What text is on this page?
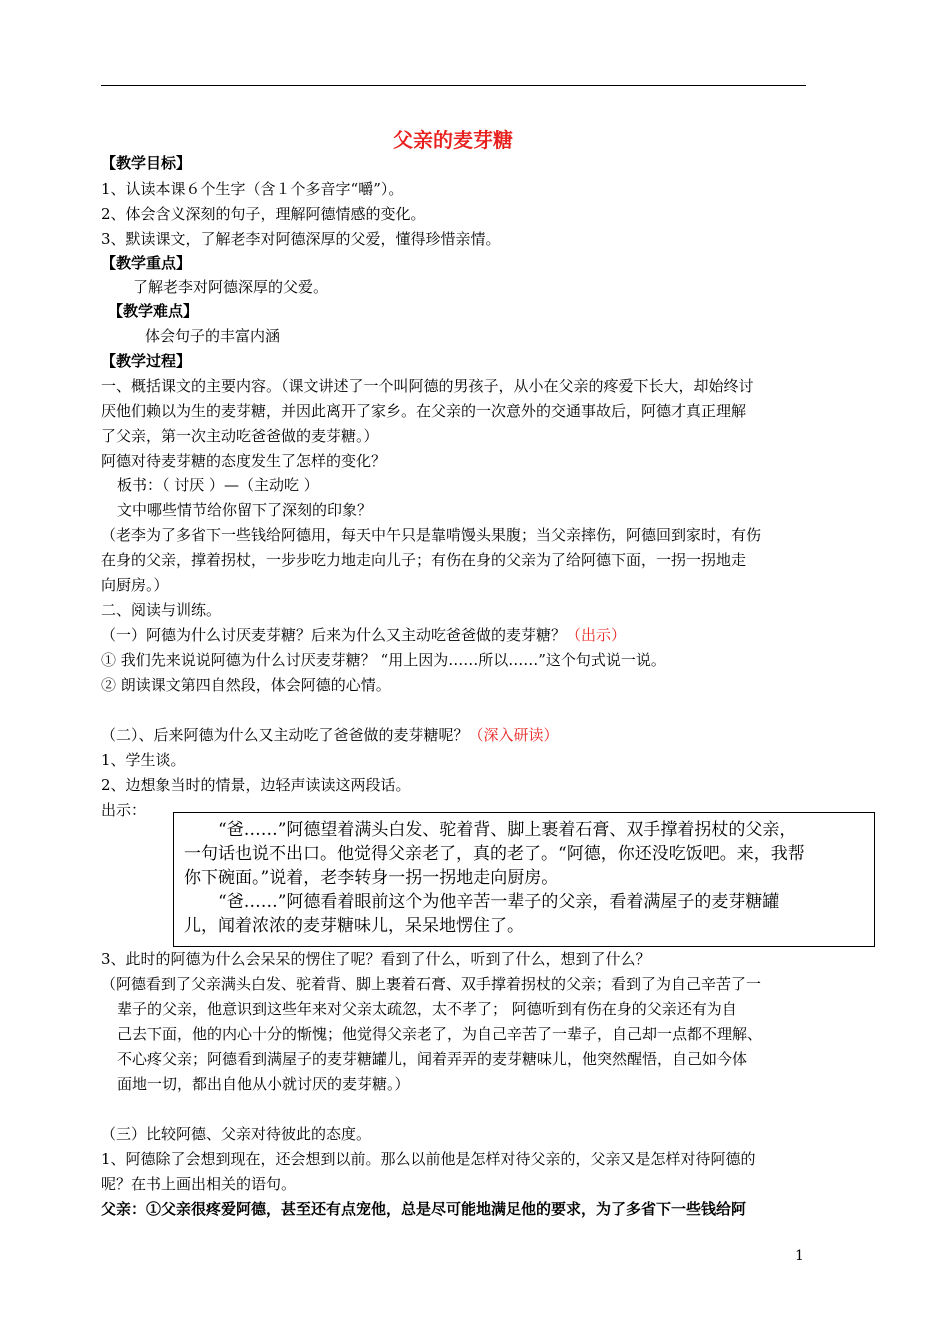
父亲的麦芽糖
【教学目标】
1、认读本课６个生字（含１个多音字“嚼”）。
2、体会含义深刻的句子，理解阿德情感的变化。
3、默读课文，了解老李对阿德深厚的父爱，懂得珍惜亲情。
【教学重点】
了解老李对阿德深厚的父爱。
【教学难点】
体会句子的丰富内涵
【教学过程】
一、概括课文的主要内容。（课文讲述了一个叫阿德的男孩子，从小在父亲的疼爱下长大，却始终讨
厌他们赖以为生的麦芽糖，并因此离开了家乡。在父亲的一次意外的交通事故后，阿德才真正理解
了父亲，第一次主动吃爸爸做的麦芽糖。）
阿德对待麦芽糖的态度发生了怎样的变化？
板书：（ 讨厌 ）—（主动吃 ）
文中哪些情节给你留下了深刻的印象？
（老李为了多省下一些钱给阿德用，每天中午只是靠啃馒头果腹；当父亲摔伤，阿德回到家时，有伤
在身的父亲，撑着拐杖，一步步吃力地走向儿子；有伤在身的父亲为了给阿德下面，一拐一拐地走
向厨房。）
二、阅读与训练。
（一）阿德为什么讨厌麦芽糖？后来为什么又主动吃爸爸做的麦芽糖？（出示）
① 我们先来说说阿德为什么讨厌麦芽糖？ “用上因为……所以……”这个句式说一说。
② 朗读课文第四自然段，体会阿德的心情。
（二）、后来阿德为什么又主动吃了爸爸做的麦芽糖呢？（深入研读）
1、学生谈。
2、边想象当时的情景，边轻声读读这两段话。
出示：
“爸……”阿德望着满头白发、驼着背、脚上裹着石膏、双手撑着拐杖的父亲，
一句话也说不出口。他觉得父亲老了，真的老了。“阿德，你还没吃饭吧。来，我帮
你下碗面。”说着，老李转身一拐一拐地走向厨房。
“爸……”阿德看着眼前这个为他辛苦一辈子的父亲，看着满屋子的麦芽糖罐
儿，闻着浓浓的麦芽糖味儿，呆呆地愣住了。
3、此时的阿德为什么会呆呆的愣住了呢？看到了什么，听到了什么，想到了什么？
（阿德看到了父亲满头白发、驼着背、脚上裹着石膏、双手撑着拐杖的父亲；看到了为自己辛苦了一
辈子的父亲，他意识到这些年来对父亲太疏忽，太不孝了； 阿德听到有伤在身的父亲还有为自
己去下面，他的内心十分的惭愧；他觉得父亲老了，为自己辛苦了一辈子，自己却一点都不理解、
不心疼父亲；阿德看到满屋子的麦芽糖罐儿，闻着弄弄的麦芽糖味儿，他突然醒悟，自己如今体
面地一切，都出自他从小就讨厌的麦芽糖。）
（三）比较阿德、父亲对待彼此的态度。
1、阿德除了会想到现在，还会想到以前。那么以前他是怎样对待父亲的，父亲又是怎样对待阿德的
呢？在书上画出相关的语句。
父亲：①父亲很疼爱阿德，甚至还有点宠他，总是尽可能地满足他的要求，为了多省下一些钱给阿
1
